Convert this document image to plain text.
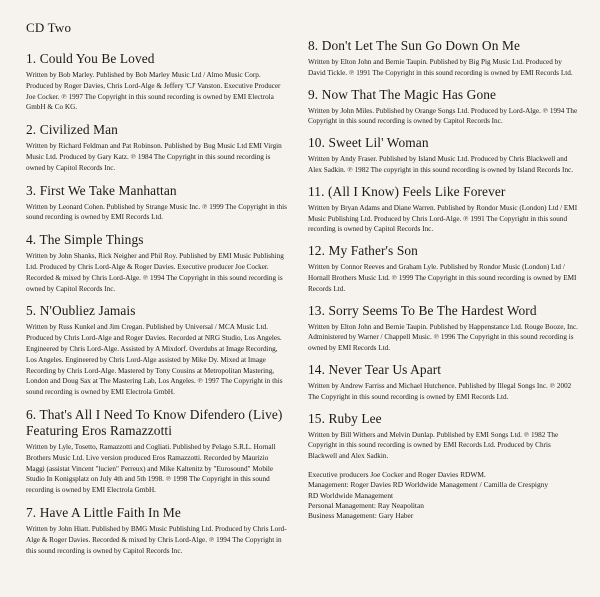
CD Two
1. Could You Be Loved

Written by Bob Marley. Published by Bob Marley Music Ltd / Almo Music Corp. Produced by Roger Davies, Chris Lord-Alge & Jeffery 'CJ' Vanston. Executive Producer Joe Cocker. ℗ 1997 The Copyright in this sound recording is owned by EMI Electrola GmbH & Co KG.

2. Civilized Man

Written by Richard Feldman and Pat Robinson. Published by Bug Music Ltd EMI Virgin Music Ltd. Produced by Gary Katz. ℗ 1984 The Copyright in this sound recording is owned by Capitol Records Inc.

3. First We Take Manhattan

Written by Leonard Cohen. Published by Strange Music Inc. ℗ 1999 The Copyright in this sound recording is owned by EMI Records Ltd.

4. The Simple Things

Written by John Shanks, Rick Neigher and Phil Roy. Published by EMI Music Publishing Ltd. Produced by Chris Lord-Alge & Roger Davies. Executive producer Joe Cocker. Recorded & mixed by Chris Lord-Alge. ℗ 1994 The Copyright in this sound recording is owned by Capitol Records Inc.

5. N'Oubliez Jamais

Written by Russ Kunkel and Jim Cregan. Published by Universal / MCA Music Ltd. Produced by Chris Lord-Alge and Roger Davies. Recorded at NRG Studio, Los Angeles. Engineered by Chris Lord-Alge. Assisted by A Mixdorf. Overdubs at Image Recording, Los Angeles. Engineered by Chris Lord-Alge assisted by Mike Dy. Mixed at Image Recording by Chris Lord-Alge. Mastered by Tony Cousins at Metropolitan Mastering, London and Doug Sax at The Mastering Lab, Los Angeles. ℗ 1997 The Copyright in this sound recording is owned by EMI Electrola GmbH.

6. That's All I Need To Know Difendero (Live) Featuring Eros Ramazzotti

Written by Lyle, Tosetto, Ramazzotti and Cogliati. Published by Pelago S.R.L. Hornall Brothers Music Ltd. Live version produced Eros Ramazzotti. Recorded by Maurizio Maggi (assistat Vincent "lucien" Perreux) and Mike Kaltenitz by "Eurosound" Mobile Studio In Konigsplatz on July 4th and 5th 1998. ℗ 1998 The Copyright in this sound recording is owned by EMI Electrola GmbH.

7. Have A Little Faith In Me

Written by John Hiatt. Published by BMG Music Publishing Ltd. Produced by Chris Lord-Alge & Roger Davies. Recorded & mixed by Chris Lord-Alge. ℗ 1994 The Copyright in this sound recording is owned by Capitol Records Inc.

8. Don't Let The Sun Go Down On Me

Written by Elton John and Bernie Taupin. Published by Big Pig Music Ltd. Produced by David Tickle. ℗ 1991 The Copyright in this sound recording is owned by EMI Records Ltd.

9. Now That The Magic Has Gone

Written by John Miles. Published by Orange Songs Ltd. Produced by Lord-Alge. ℗ 1994 The Copyright in this sound recording is owned by Capitol Records Inc.

10. Sweet Lil' Woman

Written by Andy Fraser. Published by Island Music Ltd. Produced by Chris Blackwell and Alex Sadkin. ℗ 1982 The copyright in this sound recording is owned by Island Records Inc.

11. (All I Know) Feels Like Forever

Written by Bryan Adams and Diane Warren. Published by Rondor Music (London) Ltd / EMI Music Publishing Ltd. Produced by Chris Lord-Alge. ℗ 1991 The Copyright in this sound recording is owned by Capitol Records Inc.

12. My Father's Son

Written by Connor Reeves and Graham Lyle. Published by Rondor Music (London) Ltd / Hornall Brothers Music Ltd. ℗ 1999 The Copyright in this sound recording is owned by EMI Records Ltd.

13. Sorry Seems To Be The Hardest Word

Written by Elton John and Bernie Taupin. Published by Happenstance Ltd. Rouge Booze, Inc. Administered by Warner / Chappell Music. ℗ 1996 The Copyright in this sound recording is owned by EMI Records Ltd.

14. Never Tear Us Apart

Written by Andrew Farriss and Michael Hutchence. Published by Illegal Songs Inc. ℗ 2002 The Copyright in this sound recording is owned by EMI Records Ltd.

15. Ruby Lee

Written by Bill Withers and Melvin Dunlap. Published by EMI Songs Ltd. ℗ 1982 The Copyright in this sound recording is owned by EMI Records Ltd. Produced by Chris Blackwell and Alex Sadkin.

Executive producers Joe Cocker and Roger Davies RDWM.
Management: Roger Davies RD Worldwide Management / Camilla de Crespigny
RD Worldwide Management
Personal Management: Ray Neapolitan
Business Management: Gary Haber
